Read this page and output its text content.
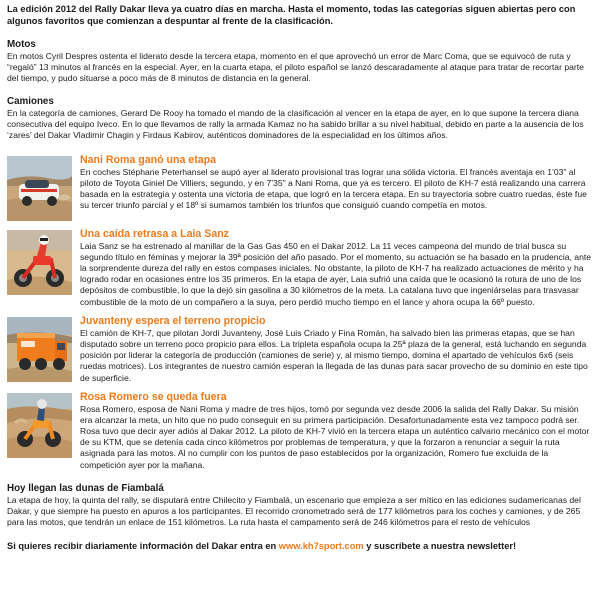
La edición 2012 del Rally Dakar lleva ya cuatro días en marcha. Hasta el momento, todas las categorías siguen abiertas pero con algunos favoritos que comienzan a despuntar al frente de la clasificación.

Motos

En motos Cyril Despres ostenta el liderato desde la tercera etapa, momento en el que aprovechó un error de Marc Coma, que se equivocó de ruta y “regaló” 13 minutos al francés en la especial. Ayer, en la cuarta etapa, el piloto español se lanzó descaradamente al ataque para tratar de recortar parte del tiempo, y pudo situarse a poco más de 8 minutos de distancia en la general.

Camiones

En la categoría de camiones, Gerard De Rooy ha tomado el mando de la clasificación al vencer en la etapa de ayer, en lo que supone la tercera diana consecutiva del equipo Iveco. En lo que llevamos de rally la armada Kamaz no ha sabido brillar a su nivel habitual, debido en parte a la ausencia de los ‘zares’ del Dakar Vladimir Chagin y Firdaus Kabirov, auténticos dominadores de la especialidad en los últimos años.

Nani Roma ganó una etapa

En coches Stéphane Peterhansel se aupó ayer al liderato provisional tras lograr una sólida victoria. El francés aventaja en 1’03” al piloto de Toyota Giniel De Villiers, segundo, y en 7’35” a Nani Roma, que ya es tercero. El piloto de KH-7 está realizando una carrera basada en la estrategia y ostenta una victoria de etapa, que logró en la tercera etapa. En su trayectoria sobre cuatro ruedas, éste fue su tercer triunfo parcial y el 18º si sumamos también los triunfos que consiguió cuando competía en motos.

Una caída retrasa a Laia Sanz

Laia Sanz se ha estrenado al manillar de la Gas Gas 450 en el Dakar 2012. La 11 veces campeona del mundo de trial busca su segundo título en féminas y mejorar la 39ª posición del año pasado. Por el momento, su actuación se ha basado en la prudencia, ante la sorprendente dureza del rally en estos compases iniciales. No obstante, la piloto de KH-7 ha realizado actuaciones de mérito y ha logrado rodar en ocasiones entre los 35 primeros. En la etapa de ayer, Laia sufrió una caída que le ocasionó la rotura de uno de los depósitos de combustible, lo que la dejó sin gasolina a 30 kilómetros de la meta. La catalana tuvo que ingeniárselas para trasvasar combustible de la moto de un compañero a la suya, pero perdió mucho tiempo en el lance y ahora ocupa la 66º puesto.

Juvanteny espera el terreno propicio

El camión de KH-7, que pilotan Jordi Juvanteny, José Luis Criado y Fina Román, ha salvado bien las primeras etapas, que se han disputado sobre un terreno poco propicio para ellos. La tripleta española ocupa la 25ª plaza de la general, está luchando en segunda posición por liderar la categoría de producción (camiones de serie) y, al mismo tiempo, domina el apartado de vehículos 6x6 (seis ruedas motrices). Los integrantes de nuestro camión esperan la llegada de las dunas para sacar provecho de su dominio en este tipo de superficie.

Rosa Romero se queda fuera

Rosa Romero, esposa de Nani Roma y madre de tres hijos, tomó por segunda vez desde 2006 la salida del Rally Dakar. Su misión era alcanzar la meta, un hito que no pudo conseguir en su primera participación. Desafortunadamente esta vez tampoco podrá ser. Rosa tuvo que decir ayer adiós al Dakar 2012. La piloto de KH-7 vivió en la tercera etapa un auténtico calvario mecánico con el motor de su KTM, que se detenía cada cinco kilómetros por problemas de temperatura, y que la forzaron a renunciar a seguir la ruta asignada para las motos. Al no cumplir con los puntos de paso establecidos por la organización, Romero fue excluida de la competición ayer por la mañana.

Hoy llegan las dunas de Fiambalá

La etapa de hoy, la quinta del rally, se disputará entre Chilecito y Fiambalá, un escenario que empieza a ser mítico en las ediciones sudamericanas del Dakar, y que siempre ha puesto en apuros a los participantes. El recorrido cronometrado será de 177 kilómetros para los coches y camiones, y de 265 para las motos, que tendrán un enlace de 151 kilómetros. La ruta hasta el campamento será de 246 kilómetros para el resto de vehículos

Si quieres recibir diariamente información del Dakar entra en www.kh7sport.com y suscríbete a nuestra newsletter!
